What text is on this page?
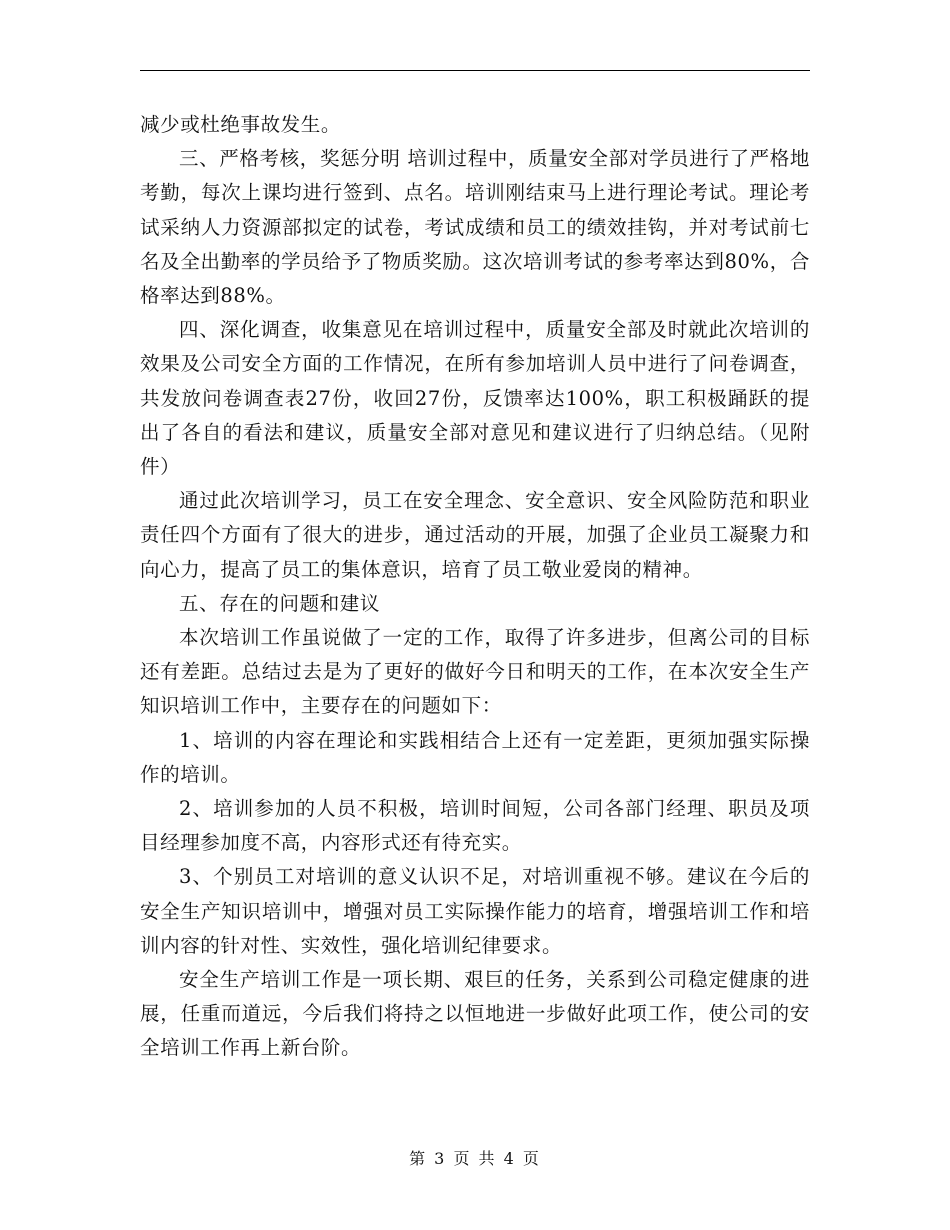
减少或杜绝事故发生。

三、严格考核，奖惩分明 培训过程中，质量安全部对学员进行了严格地考勤，每次上课均进行签到、点名。培训刚结束马上进行理论考试。理论考试采纳人力资源部拟定的试卷，考试成绩和员工的绩效挂钩，并对考试前七名及全出勤率的学员给予了物质奖励。这次培训考试的参考率达到80%，合格率达到88%。

四、深化调查，收集意见在培训过程中，质量安全部及时就此次培训的效果及公司安全方面的工作情况，在所有参加培训人员中进行了问卷调查，共发放问卷调查表27份，收回27份，反馈率达100%，职工积极踊跃的提出了各自的看法和建议，质量安全部对意见和建议进行了归纳总结。（见附件）

通过此次培训学习，员工在安全理念、安全意识、安全风险防范和职业责任四个方面有了很大的进步，通过活动的开展，加强了企业员工凝聚力和向心力，提高了员工的集体意识，培育了员工敬业爱岗的精神。

五、存在的问题和建议

本次培训工作虽说做了一定的工作，取得了许多进步，但离公司的目标还有差距。总结过去是为了更好的做好今日和明天的工作，在本次安全生产知识培训工作中，主要存在的问题如下：

1、培训的内容在理论和实践相结合上还有一定差距，更须加强实际操作的培训。

2、培训参加的人员不积极，培训时间短，公司各部门经理、职员及项目经理参加度不高，内容形式还有待充实。

3、个别员工对培训的意义认识不足，对培训重视不够。建议在今后的安全生产知识培训中，增强对员工实际操作能力的培育，增强培训工作和培训内容的针对性、实效性，强化培训纪律要求。

安全生产培训工作是一项长期、艰巨的任务，关系到公司稳定健康的进展，任重而道远，今后我们将持之以恒地进一步做好此项工作，使公司的安全培训工作再上新台阶。

第 3 页 共 4 页
